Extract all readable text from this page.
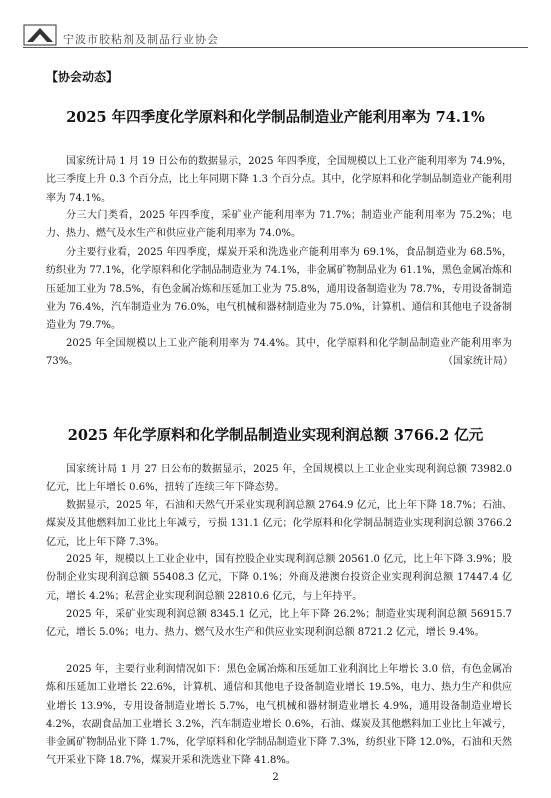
宁波市胶粘剂及制品行业协会
【协会动态】
2025 年四季度化学原料和化学制品制造业产能利用率为 74.1%

国家统计局 1 月 19 日公布的数据显示，2025 年四季度，全国规模以上工业产能利用率为 74.9%，比三季度上升 0.3 个百分点，比上年同期下降 1.3 个百分点。其中，化学原料和化学制品制造业产能利用率为 74.1%。

分三大门类看，2025 年四季度，采矿业产能利用率为 71.7%；制造业产能利用率为 75.2%；电力、热力、燃气及水生产和供应业产能利用率为 74.0%。

分主要行业看，2025 年四季度，煤炭开采和洗选业产能利用率为 69.1%，食品制造业为 68.5%，纺织业为 77.1%，化学原料和化学制品制造业为 74.1%，非金属矿物制品业为 61.1%，黑色金属冶炼和压延加工业为 78.5%，有色金属冶炼和压延加工业为 75.8%，通用设备制造业为 78.7%，专用设备制造业为 76.4%，汽车制造业为 76.0%，电气机械和器材制造业为 75.0%，计算机、通信和其他电子设备制造业为 79.7%。

2025 年全国规模以上工业产能利用率为 74.4%。其中，化学原料和化学制品制造业产能利用率为 73%。	（国家统计局）
2025 年化学原料和化学制品制造业实现利润总额 3766.2 亿元

国家统计局 1 月 27 日公布的数据显示，2025 年，全国规模以上工业企业实现利润总额 73982.0 亿元，比上年增长 0.6%，扭转了连续三年下降态势。

数据显示，2025 年，石油和天然气开采业实现利润总额 2764.9 亿元，比上年下降 18.7%；石油、煤炭及其他燃料加工业比上年减亏，亏损 131.1 亿元；化学原料和化学制品制造业实现利润总额 3766.2 亿元，比上年下降 7.3%。

2025 年，规模以上工业企业中，国有控股企业实现利润总额 20561.0 亿元，比上年下降 3.9%；股份制企业实现利润总额 55408.3 亿元，下降 0.1%；外商及港澳台投资企业实现利润总额 17447.4 亿元，增长 4.2%；私营企业实现利润总额 22810.6 亿元，与上年持平。

2025 年，采矿业实现利润总额 8345.1 亿元，比上年下降 26.2%；制造业实现利润总额 56915.7 亿元，增长 5.0%；电力、热力、燃气及水生产和供应业实现利润总额 8721.2 亿元，增长 9.4%。

2025 年，主要行业利润情况如下：黑色金属冶炼和压延加工业利润比上年增长 3.0 倍，有色金属冶炼和压延加工业增长 22.6%，计算机、通信和其他电子设备制造业增长 19.5%，电力、热力生产和供应业增长 13.9%，专用设备制造业增长 5.7%，电气机械和器材制造业增长 4.9%，通用设备制造业增长 4.2%，农副食品加工业增长 3.2%，汽车制造业增长 0.6%，石油、煤炭及其他燃料加工业比上年减亏，非金属矿物制品业下降 1.7%，化学原料和化学制品制造业下降 7.3%，纺织业下降 12.0%，石油和天然气开采业下降 18.7%，煤炭开采和洗选业下降 41.8%。

2
